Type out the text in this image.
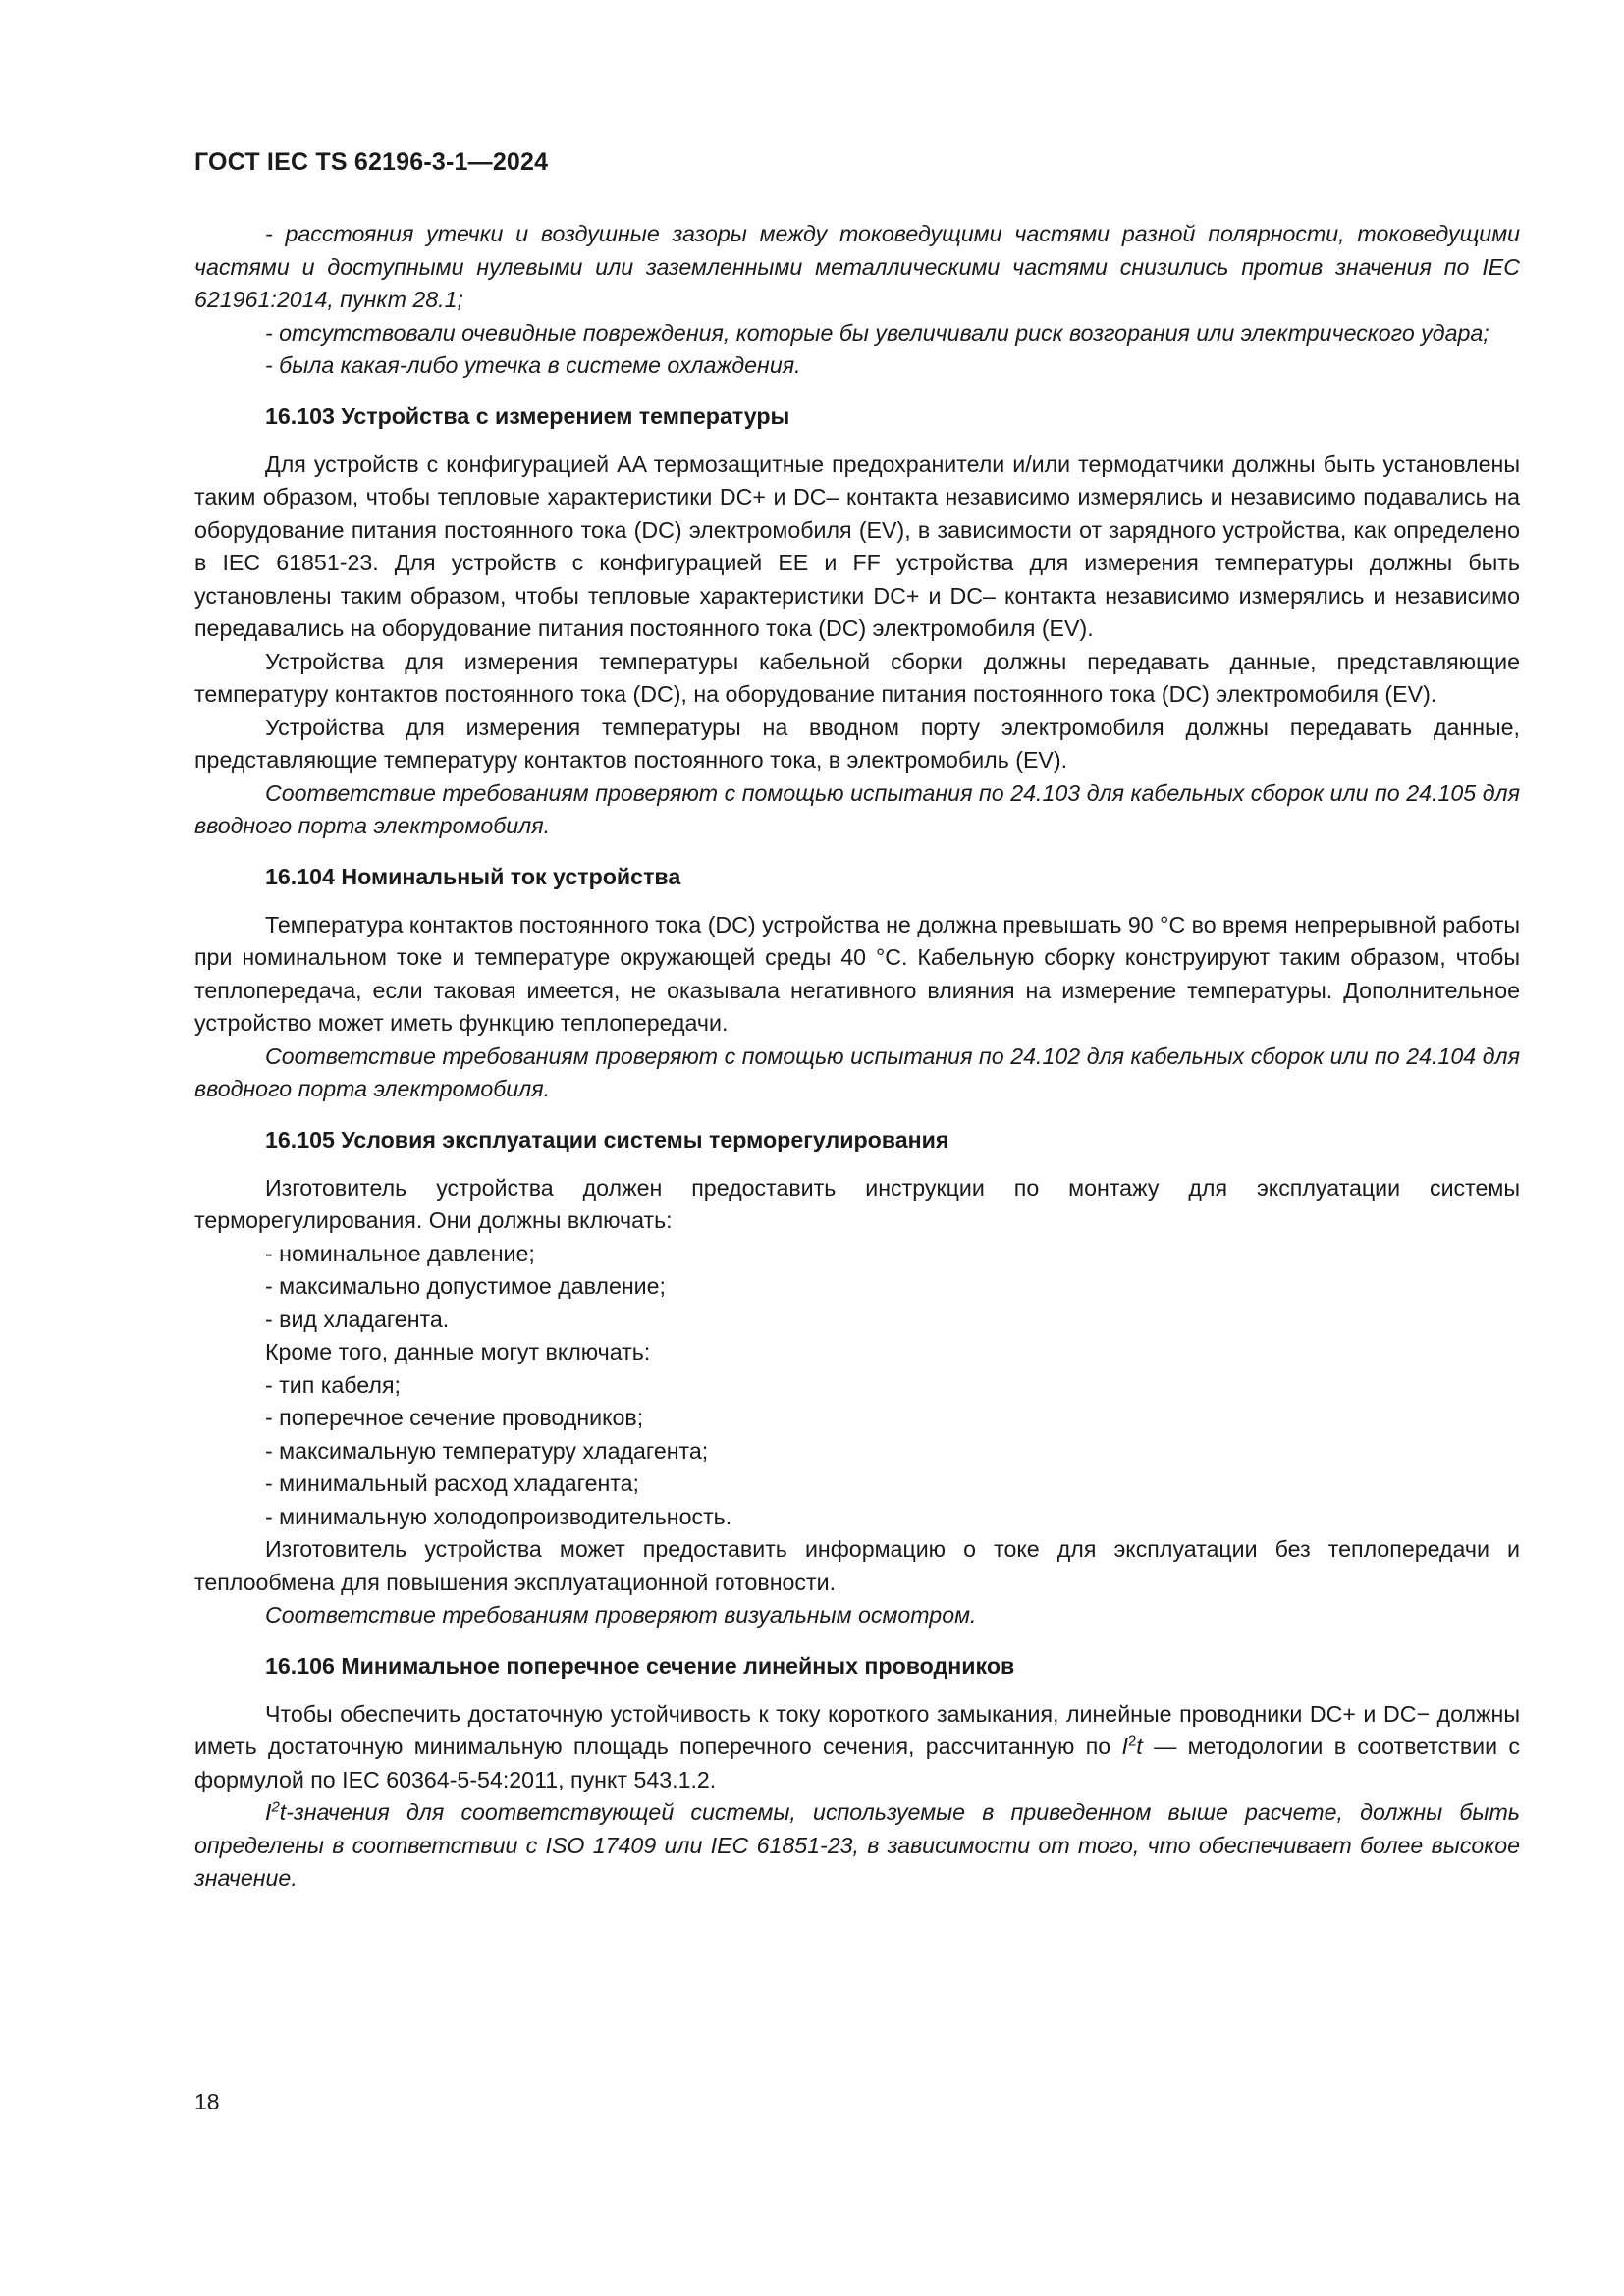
ГОСТ IEC TS 62196-3-1—2024

- расстояния утечки и воздушные зазоры между токоведущими частями разной полярности, токоведущими частями и доступными нулевыми или заземленными металлическими частями снизились против значения по IEC 621961:2014, пункт 28.1;

- отсутствовали очевидные повреждения, которые бы увеличивали риск возгорания или электрического удара;

- была какая-либо утечка в системе охлаждения.

16.103 Устройства с измерением температуры

Для устройств с конфигурацией AA термозащитные предохранители и/или термодатчики должны быть установлены таким образом, чтобы тепловые характеристики DC+ и DC– контакта независимо измерялись и независимо подавались на оборудование питания постоянного тока (DC) электромобиля (EV), в зависимости от зарядного устройства, как определено в IEC 61851-23. Для устройств с конфигурацией EE и FF устройства для измерения температуры должны быть установлены таким образом, чтобы тепловые характеристики DC+ и DC– контакта независимо измерялись и независимо передавались на оборудование питания постоянного тока (DC) электромобиля (EV).

Устройства для измерения температуры кабельной сборки должны передавать данные, представляющие температуру контактов постоянного тока (DC), на оборудование питания постоянного тока (DC) электромобиля (EV).

Устройства для измерения температуры на вводном порту электромобиля должны передавать данные, представляющие температуру контактов постоянного тока, в электромобиль (EV).

Соответствие требованиям проверяют с помощью испытания по 24.103 для кабельных сборок или по 24.105 для вводного порта электромобиля.

16.104 Номинальный ток устройства

Температура контактов постоянного тока (DC) устройства не должна превышать 90 °C во время непрерывной работы при номинальном токе и температуре окружающей среды 40 °C. Кабельную сборку конструируют таким образом, чтобы теплопередача, если таковая имеется, не оказывала негативного влияния на измерение температуры. Дополнительное устройство может иметь функцию теплопередачи.

Соответствие требованиям проверяют с помощью испытания по 24.102 для кабельных сборок или по 24.104 для вводного порта электромобиля.

16.105 Условия эксплуатации системы терморегулирования

Изготовитель устройства должен предоставить инструкции по монтажу для эксплуатации системы терморегулирования. Они должны включать:

- номинальное давление;

- максимально допустимое давление;

- вид хладагента.

Кроме того, данные могут включать:

- тип кабеля;

- поперечное сечение проводников;

- максимальную температуру хладагента;

- минимальный расход хладагента;

- минимальную холодопроизводительность.

Изготовитель устройства может предоставить информацию о токе для эксплуатации без теплопередачи и теплообмена для повышения эксплуатационной готовности.

Соответствие требованиям проверяют визуальным осмотром.

16.106 Минимальное поперечное сечение линейных проводников

Чтобы обеспечить достаточную устойчивость к току короткого замыкания, линейные проводники DC+ и DC− должны иметь достаточную минимальную площадь поперечного сечения, рассчитанную по $I^2t$ — методологии в соответствии с формулой по IEC 60364-5-54:2011, пункт 543.1.2.

$I^2t$-значения для соответствующей системы, используемые в приведенном выше расчете, должны быть определены в соответствии с ISO 17409 или IEC 61851-23, в зависимости от того, что обеспечивает более высокое значение.

18
